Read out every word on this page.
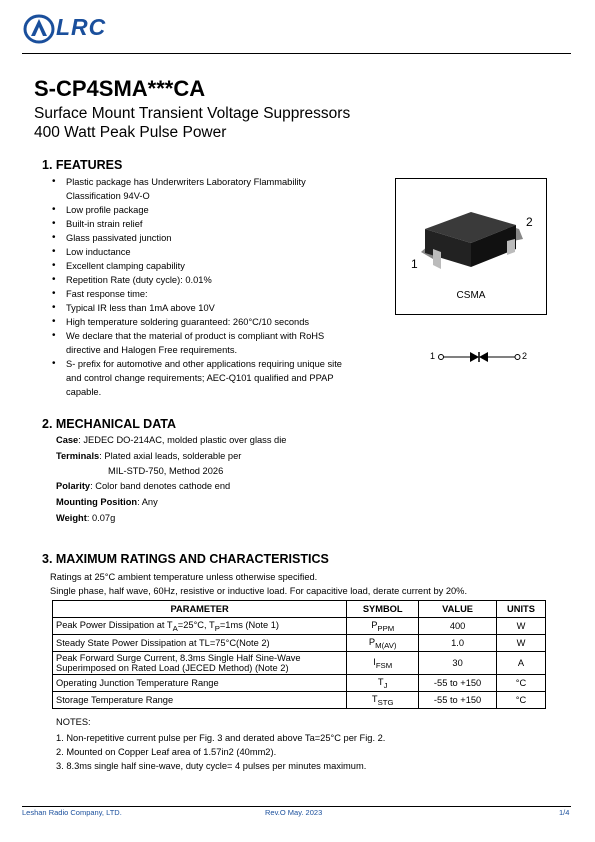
LRC
S-CP4SMA***CA
Surface Mount Transient Voltage Suppressors
400 Watt Peak Pulse Power
1. FEATURES
• Plastic package has Underwriters Laboratory Flammability Classification 94V-O
• Low profile package
• Built-in strain relief
• Glass passivated junction
• Low inductance
• Excellent clamping capability
• Repetition Rate (duty cycle): 0.01%
• Fast response time:
• Typical IR less than 1mA above 10V
• High temperature soldering guaranteed: 260°C/10 seconds
• We declare that the material of product is compliant with RoHS directive and Halogen Free requirements.
• S- prefix for automotive and other applications requiring unique site and control change requirements; AEC-Q101 qualified and PPAP capable.
2
1
CSMA
1	2
2. MECHANICAL DATA
Case: JEDEC DO-214AC, molded plastic over glass die
Terminals: Plated axial leads, solderable per
MIL-STD-750, Method 2026
Polarity: Color band denotes cathode end
Mounting Position: Any
Weight: 0.07g
3. MAXIMUM RATINGS AND CHARACTERISTICS
Ratings at 25°C ambient temperature unless otherwise specified.
Single phase, half wave, 60Hz, resistive or inductive load. For capacitive load, derate current by 20%.
PARAMETER	SYMBOL	VALUE	UNITS
Peak Power Dissipation at $T_A=25^\circ C$, $T_P=1ms$ (Note 1)	$P_{PPM}$	400	W
Steady State Power Dissipation at TL=75°C(Note 2)	$P_{M(AV)}$	1.0	W

Peak Forward Surge Current, 8.3ms Single Half Sine-Wave
Superimposed on Rated Load (JECED Method) (Note 2)	$I_{FSM}$	30	A
Operating Junction Temperature Range	$T_J$	-55 to +150	°C
Storage Temperature Range	$T_{STG}$	-55 to +150	°C
NOTES:
1. Non-repetitive current pulse per Fig. 3 and derated above Ta=25°C per Fig. 2.
2. Mounted on Copper Leaf area of 1.57in2 (40mm2).
3. 8.3ms single half sine-wave, duty cycle= 4 pulses per minutes maximum.
Leshan Radio Company, LTD.	Rev.O May. 2023	1/4
